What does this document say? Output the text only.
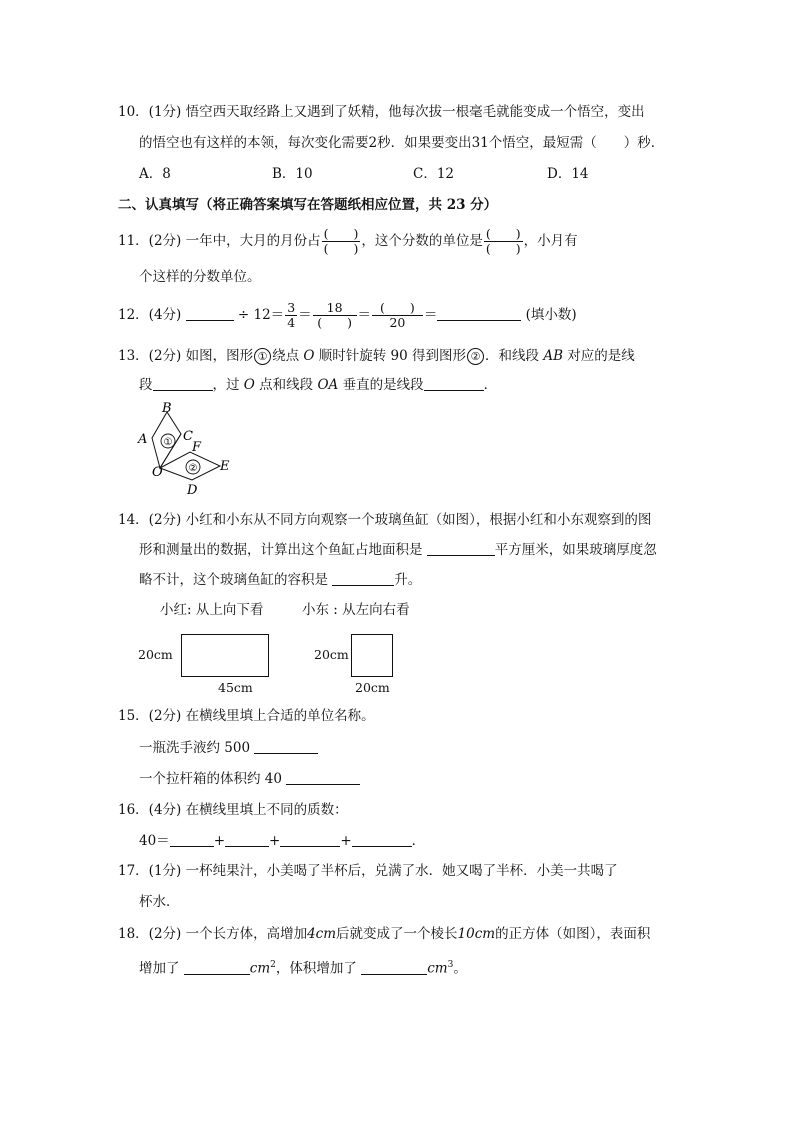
10．(1分) 悟空西天取经路上又遇到了妖精，他每次拔一根毫毛就能变成一个悟空，变出
的悟空也有这样的本领，每次变化需要2秒．如果要变出31个悟空，最短需（　　）秒．
A．8	B．10	C．12	D．14
二、认真填写（将正确答案填写在答题纸相应位置，共 23 分）
11．(2分) 一年中，大月的月份占 $\frac{( )}{( )}$ ，这个分数的单位是 $\frac{( )}{( )}$ ，小月有
个这样的分数单位。
12．(4分)	÷ $12= \frac{3}{4} = \frac{18}{( )} = \frac{( )}{20}$ ＝	(填小数)
13．(2分) 如图，图形 ① 绕点 O 顺时针旋转 90 得到图形 ② ．和线段 AB 对应的是线
段	，过 O 点和线段 OA 垂直的是线段	．
①
②
A
B
C
F
O	E
D
14．(2分) 小红和小东从不同方向观察一个玻璃鱼缸（如图），根据小红和小东观察到的图
形和测量出的数据，计算出这个鱼缸占地面积是	平方厘米，如果玻璃厚度忽
略不计，这个玻璃鱼缸的容积是	升。
小红: 从上向下看	小东 : 从左向右看
20cm
45cm
20cm
20cm
15．(2分) 在横线里填上合适的单位名称。
一瓶洗手液约 500
一个拉杆箱的体积约 40
16．(4分) 在横线里填上不同的质数：
40＝	+	+	+	．
17．(1分) 一杯纯果汁，小美喝了半杯后，兑满了水．她又喝了半杯．小美一共喝了
杯水．
18．(2分) 一个长方体，高增加4cm后就变成了一个棱长10cm的正方体（如图），表面积
增加了	$cm^2$，体积增加了	$cm^3$。
